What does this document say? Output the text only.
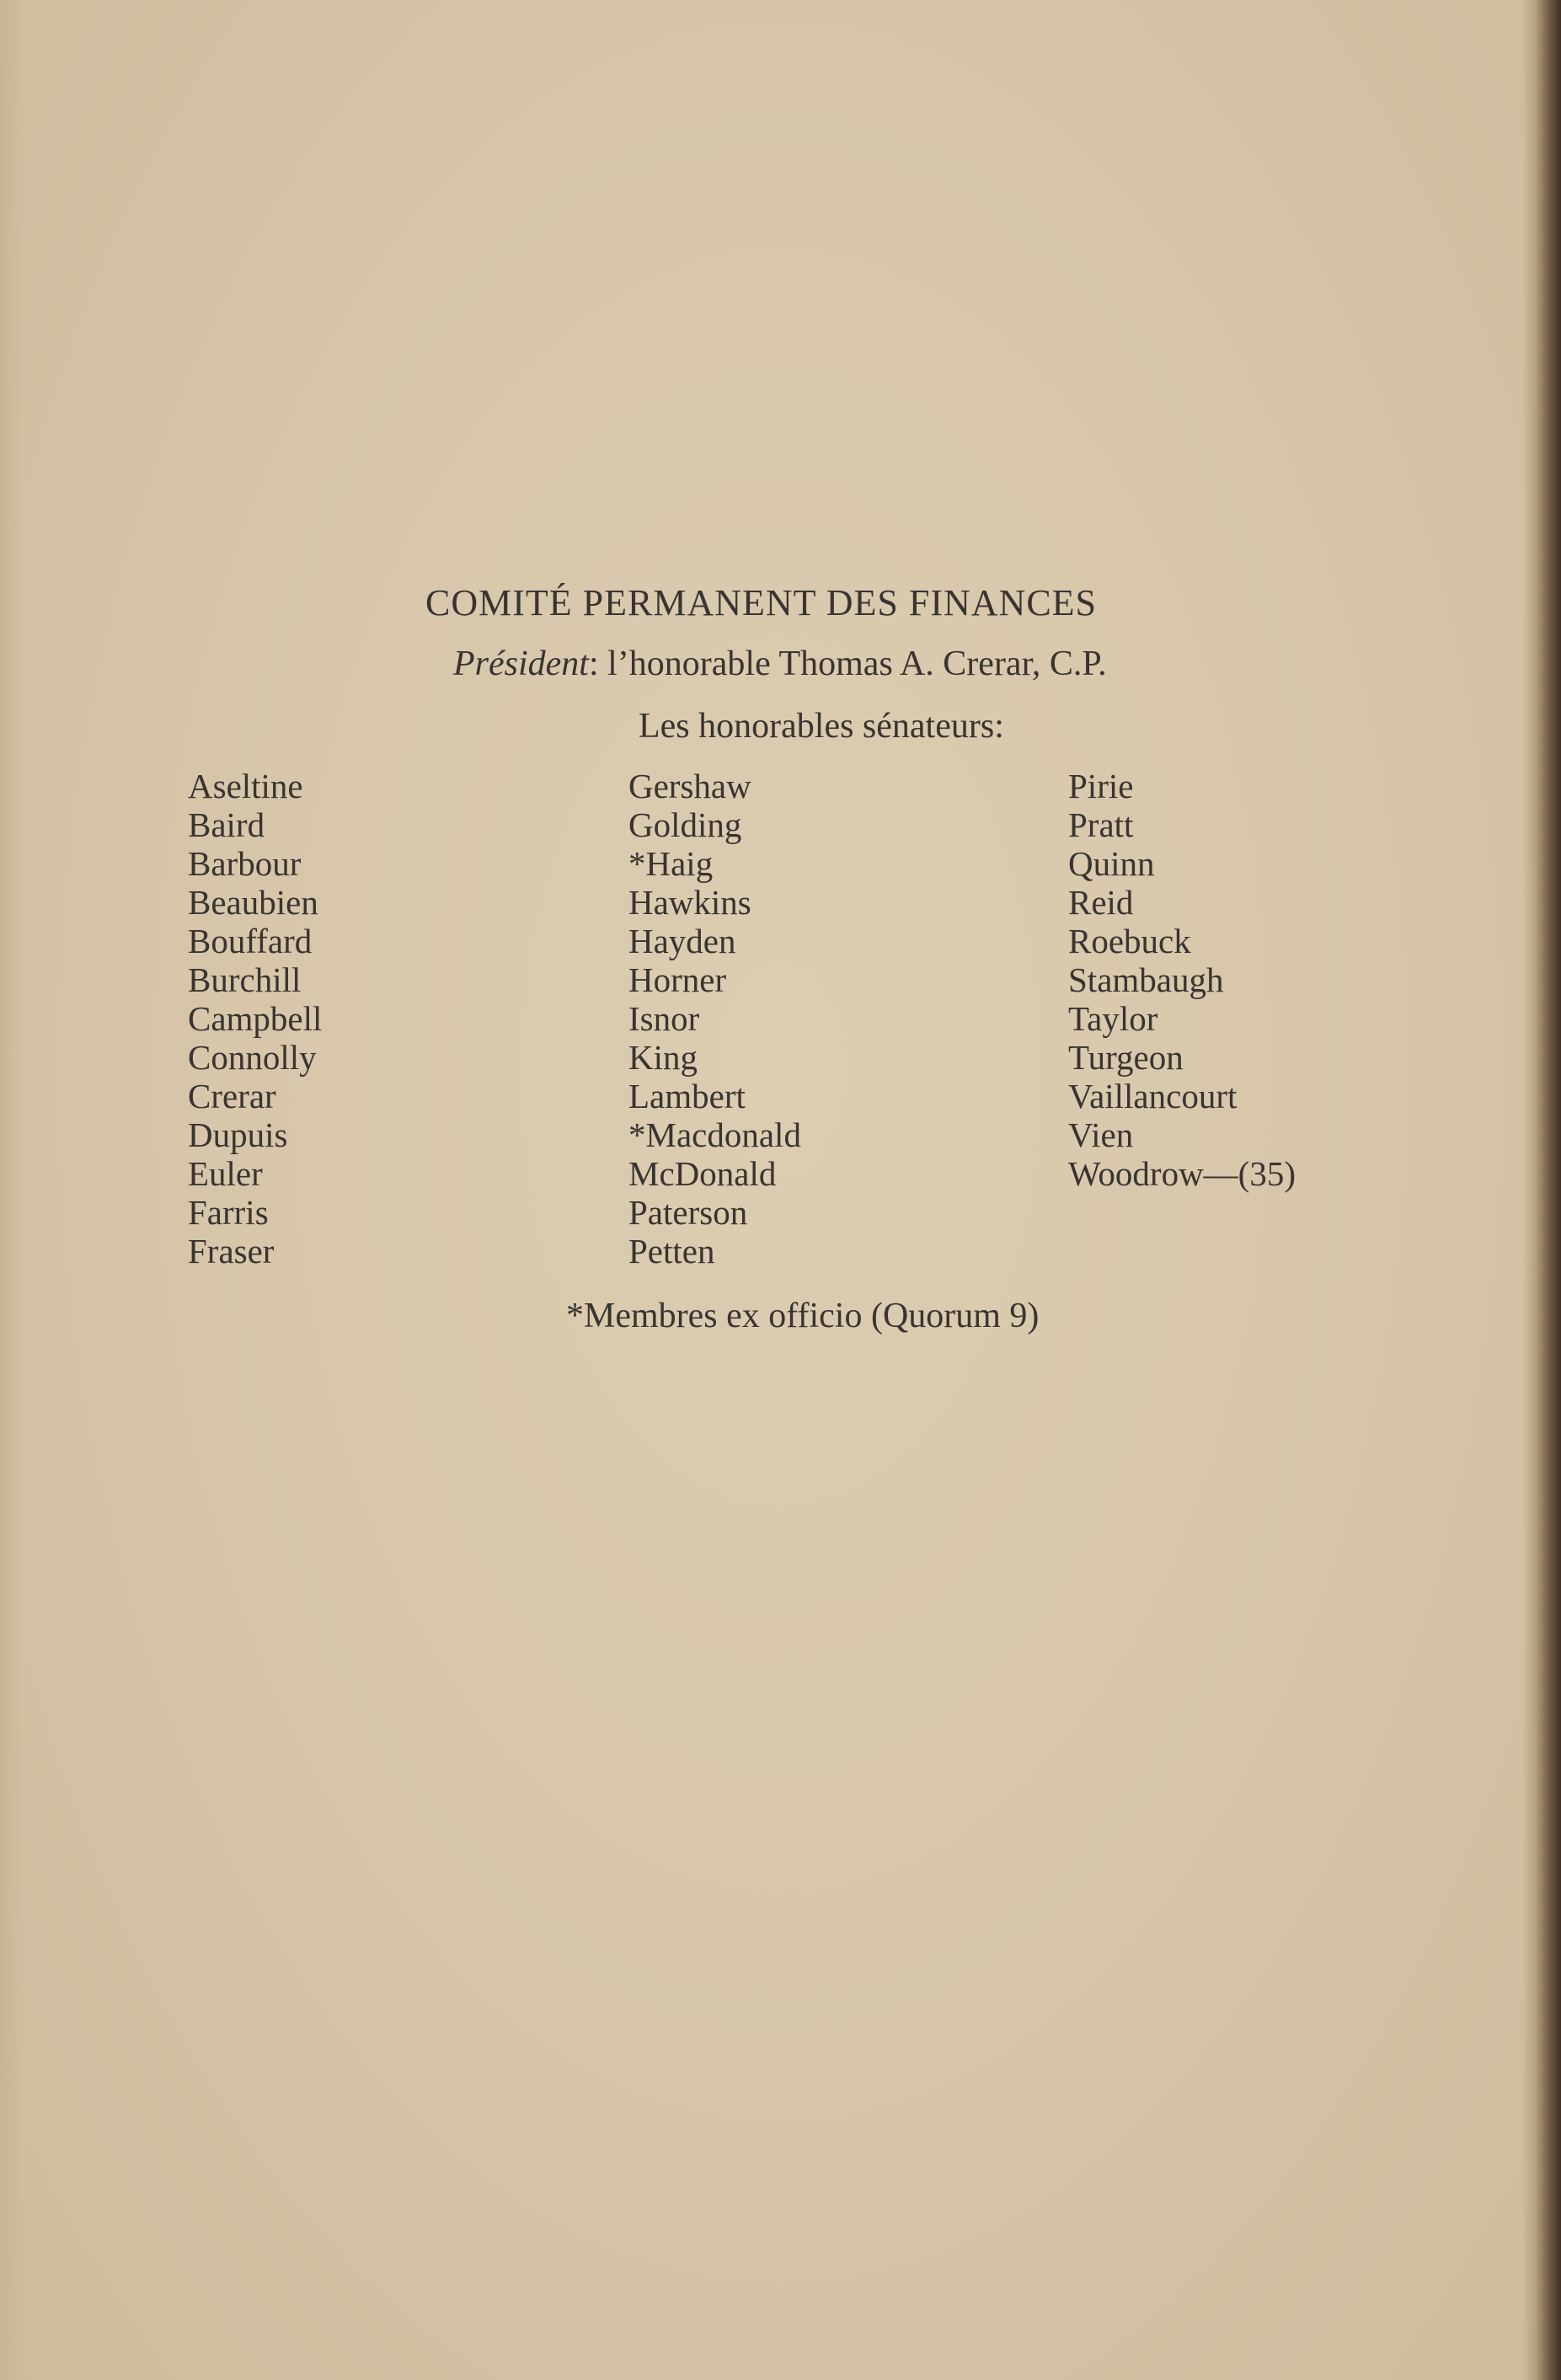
COMITÉ PERMANENT DES FINANCES
Président: l’honorable Thomas A. Crerar, C.P.
Les honorables sénateurs:
Aseltine
Baird
Barbour
Beaubien
Bouffard
Burchill
Campbell
Connolly
Crerar
Dupuis
Euler
Farris
Fraser
Gershaw
Golding
*Haig
Hawkins
Hayden
Horner
Isnor
King
Lambert
*Macdonald
McDonald
Paterson
Petten
Pirie
Pratt
Quinn
Reid
Roebuck
Stambaugh
Taylor
Turgeon
Vaillancourt
Vien
Woodrow—(35)
*Membres ex officio (Quorum 9)
